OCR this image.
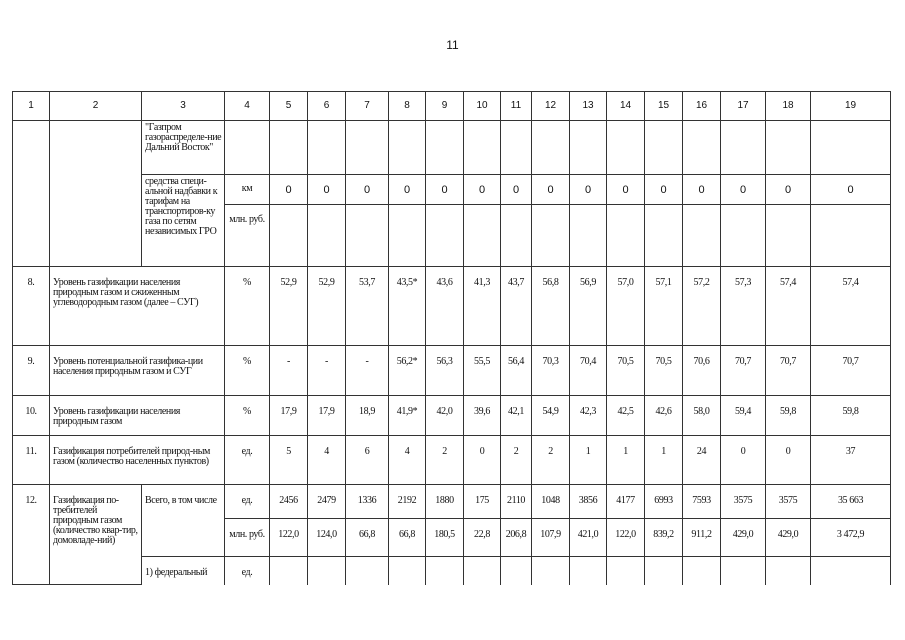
11
1	2	3	4	5	6	7	8	9	10	11	12	13	14	15	16	17	18	19
		"Газпром газораспределе-ние Дальний Восток"																
		средства специ-альной надбавки к тарифам на транспортиров-ку газа по сетям независимых ГРО	км	0	0	0	0	0	0	0	0	0	0	0	0	0	0	0
			млн. руб.															
8.	Уровень газификации населения природным газом и сжиженным углеводородным газом (далее – СУГ)		%	52,9	52,9	53,7	43,5*	43,6	41,3	43,7	56,8	56,9	57,0	57,1	57,2	57,3	57,4	57,4
9.	Уровень потенциальной газифика-ции населения природным газом и СУГ		%	-	-	-	56,2*	56,3	55,5	56,4	70,3	70,4	70,5	70,5	70,6	70,7	70,7	70,7
10.	Уровень газификации населения природным газом		%	17,9	17,9	18,9	41,9*	42,0	39,6	42,1	54,9	42,3	42,5	42,6	58,0	59,4	59,8	59,8
11.	Газификация потребителей природ-ным газом (количество населенных пунктов)		ед.	5	4	6	4	2	0	2	2	1	1	1	24	0	0	37
12.	Газификация по-требителей природным газом (количество квар-тир, домовладе-ний)	Всего, в том числе	ед.	2456	2479	1336	2192	1880	175	2110	1048	3856	4177	6993	7593	3575	3575	35 663
			млн. руб.	122,0	124,0	66,8	66,8	180,5	22,8	206,8	107,9	421,0	122,0	839,2	911,2	429,0	429,0	3 472,9
		1) федеральный	ед.															
